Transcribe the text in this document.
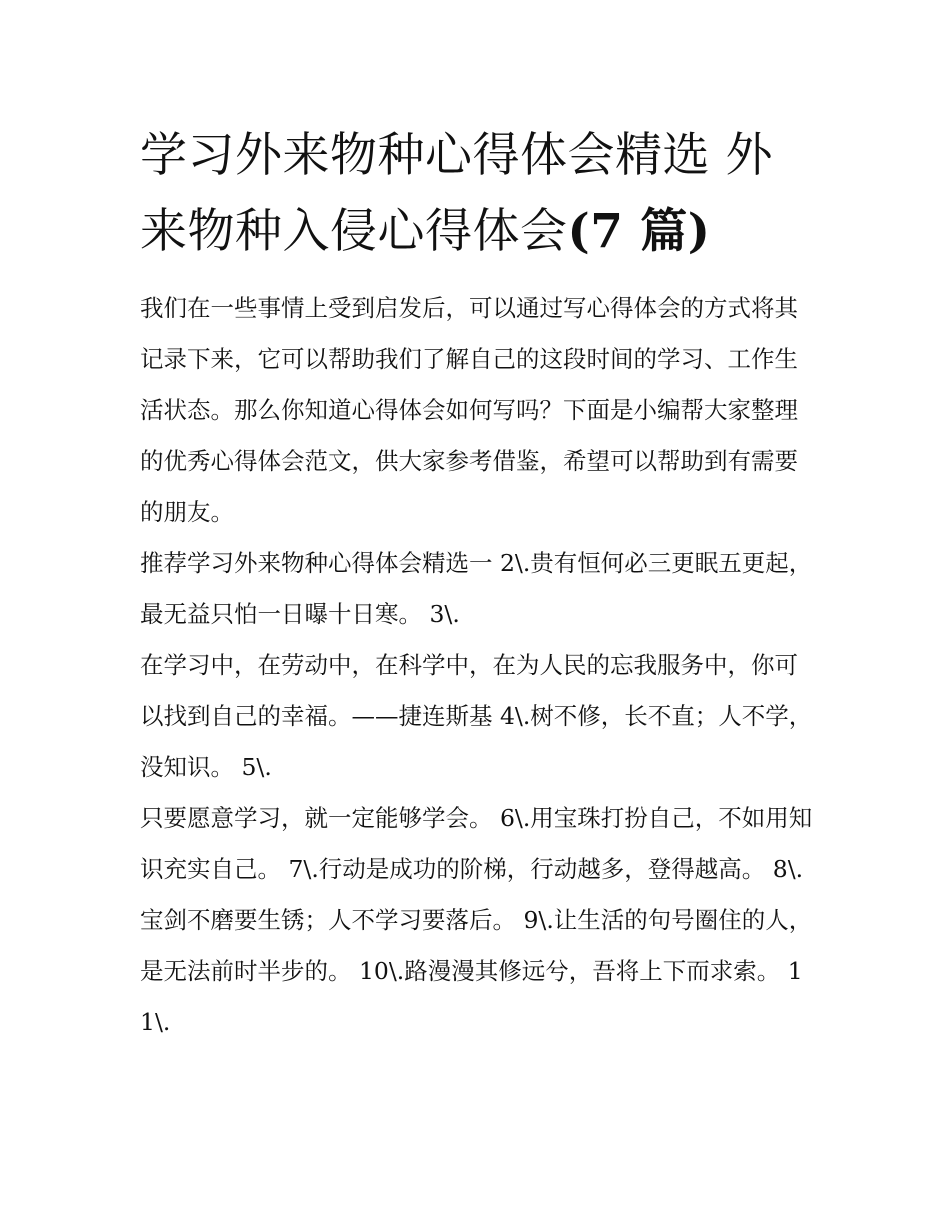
学习外来物种心得体会精选 外来物种入侵心得体会(7 篇)

我们在一些事情上受到启发后，可以通过写心得体会的方式将其记录下来，它可以帮助我们了解自己的这段时间的学习、工作生活状态。那么你知道心得体会如何写吗？下面是小编帮大家整理的优秀心得体会范文，供大家参考借鉴，希望可以帮助到有需要的朋友。

推荐学习外来物种心得体会精选一 2\.贵有恒何必三更眠五更起，最无益只怕一日曝十日寒。 3\.

在学习中，在劳动中，在科学中，在为人民的忘我服务中，你可以找到自己的幸福。——捷连斯基 4\.树不修，长不直；人不学，没知识。 5\.

只要愿意学习，就一定能够学会。 6\.用宝珠打扮自己，不如用知识充实自己。 7\.行动是成功的阶梯，行动越多，登得越高。 8\.

宝剑不磨要生锈；人不学习要落后。 9\.让生活的句号圈住的人，是无法前时半步的。 10\.路漫漫其修远兮，吾将上下而求索。 11\.
